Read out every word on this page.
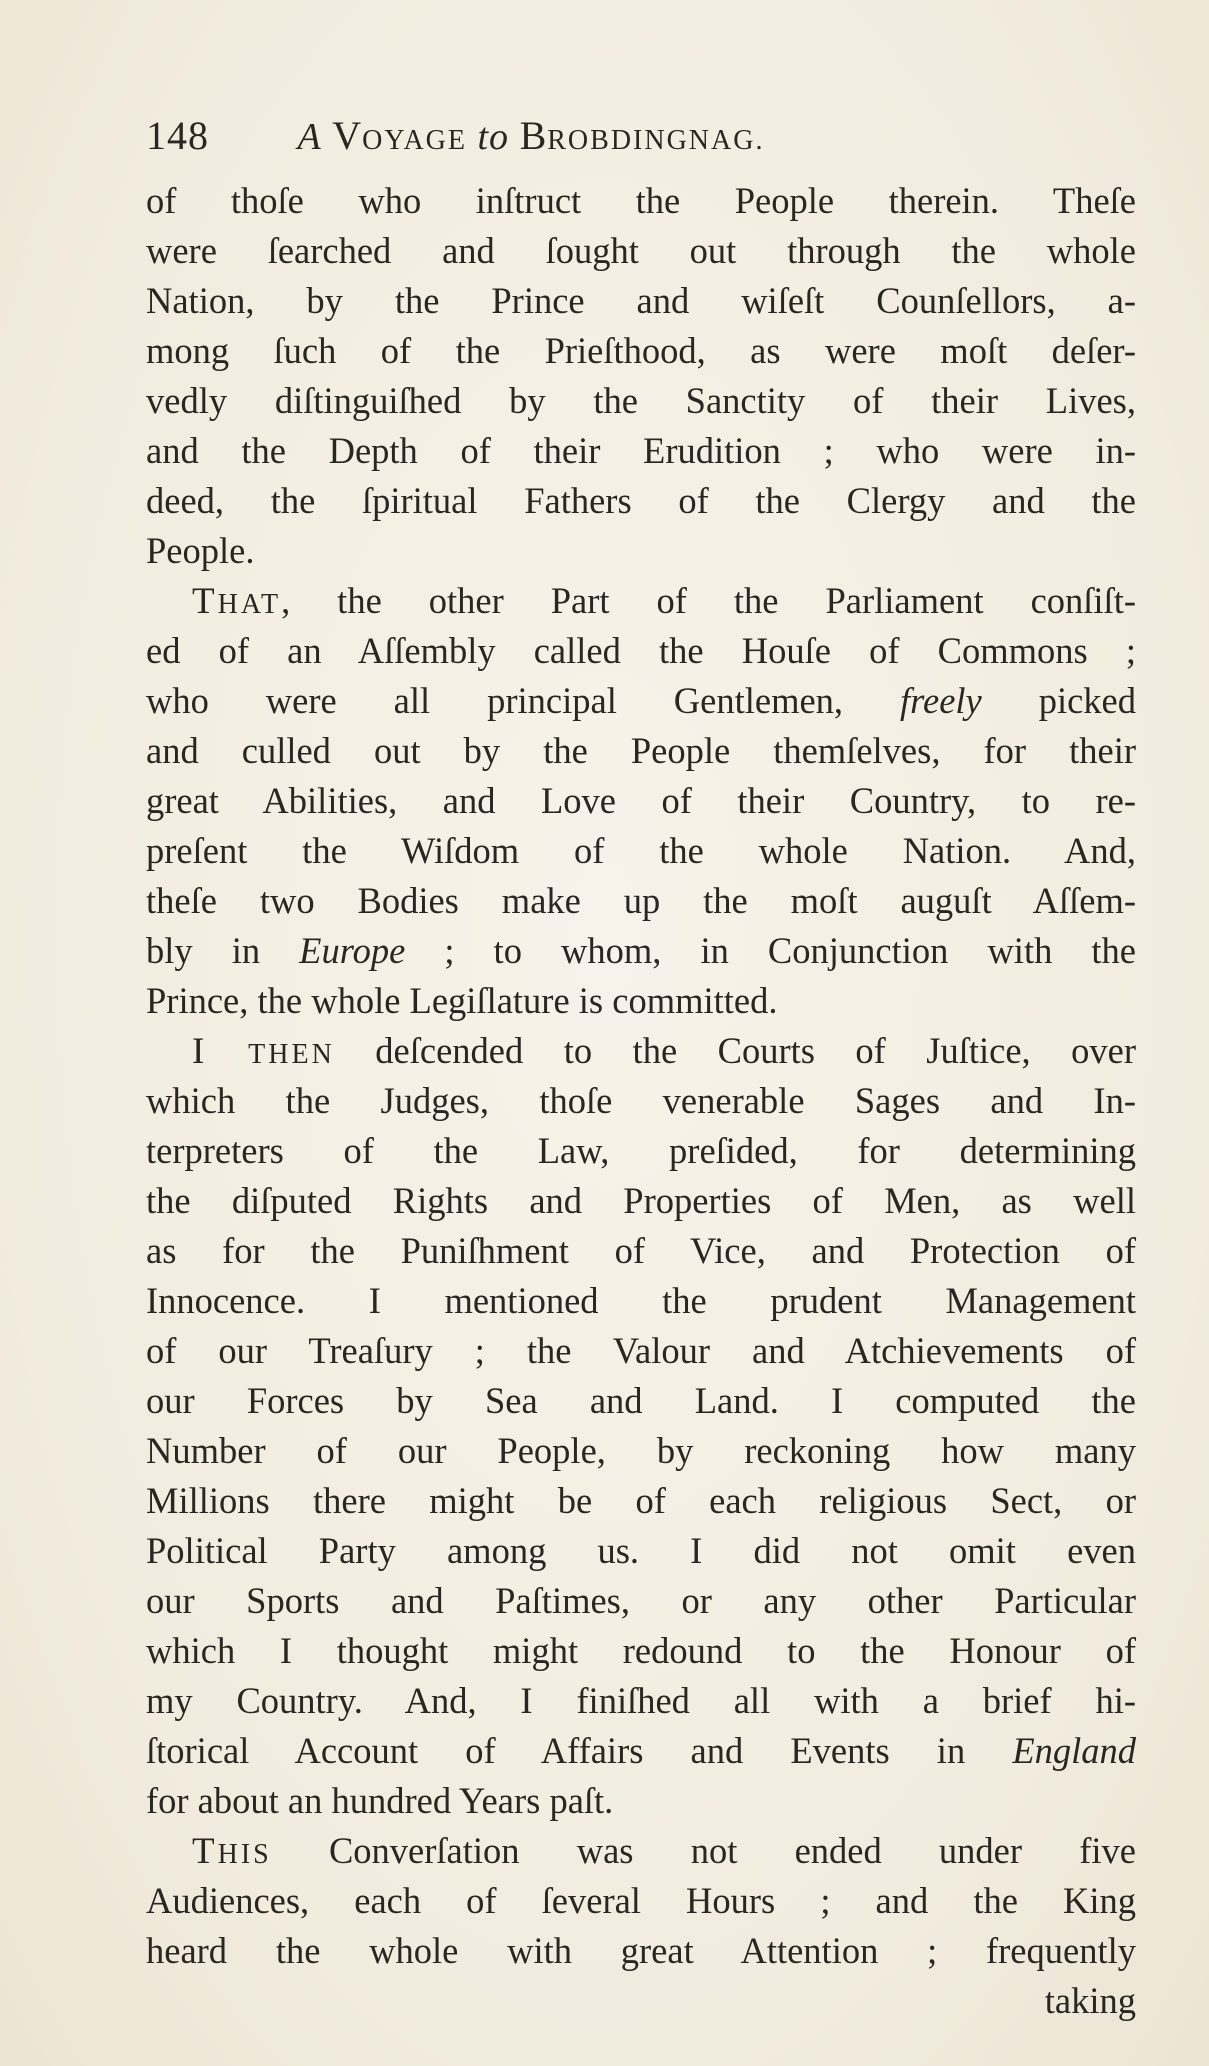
148 A VOYAGE to BROBDINGNAG.
of thoſe who inſtruct the People therein. Theſe
were ſearched and ſought out through the whole
Nation, by the Prince and wiſeſt Counſellors, a-
mong ſuch of the Prieſthood, as were moſt deſer-
vedly diſtinguiſhed by the Sanctity of their Lives,
and the Depth of their Erudition ; who were in-
deed, the ſpiritual Fathers of the Clergy and the
People.
THAT, the other Part of the Parliament conſiſt-
ed of an Aſſembly called the Houſe of Commons ;
who were all principal Gentlemen, freely picked
and culled out by the People themſelves, for their
great Abilities, and Love of their Country, to re-
preſent the Wiſdom of the whole Nation. And,
theſe two Bodies make up the moſt auguſt Aſſem-
bly in Europe ; to whom, in Conjunction with the
Prince, the whole Legiſlature is committed.
I THEN deſcended to the Courts of Juſtice, over
which the Judges, thoſe venerable Sages and In-
terpreters of the Law, preſided, for determining
the diſputed Rights and Properties of Men, as well
as for the Puniſhment of Vice, and Protection of
Innocence. I mentioned the prudent Management
of our Treaſury ; the Valour and Atchievements of
our Forces by Sea and Land. I computed the
Number of our People, by reckoning how many
Millions there might be of each religious Sect, or
Political Party among us. I did not omit even
our Sports and Paſtimes, or any other Particular
which I thought might redound to the Honour of
my Country. And, I finiſhed all with a brief hi-
ſtorical Account of Affairs and Events in England
for about an hundred Years paſt.
THIS Converſation was not ended under five
Audiences, each of ſeveral Hours ; and the King
heard the whole with great Attention ; frequently
taking
